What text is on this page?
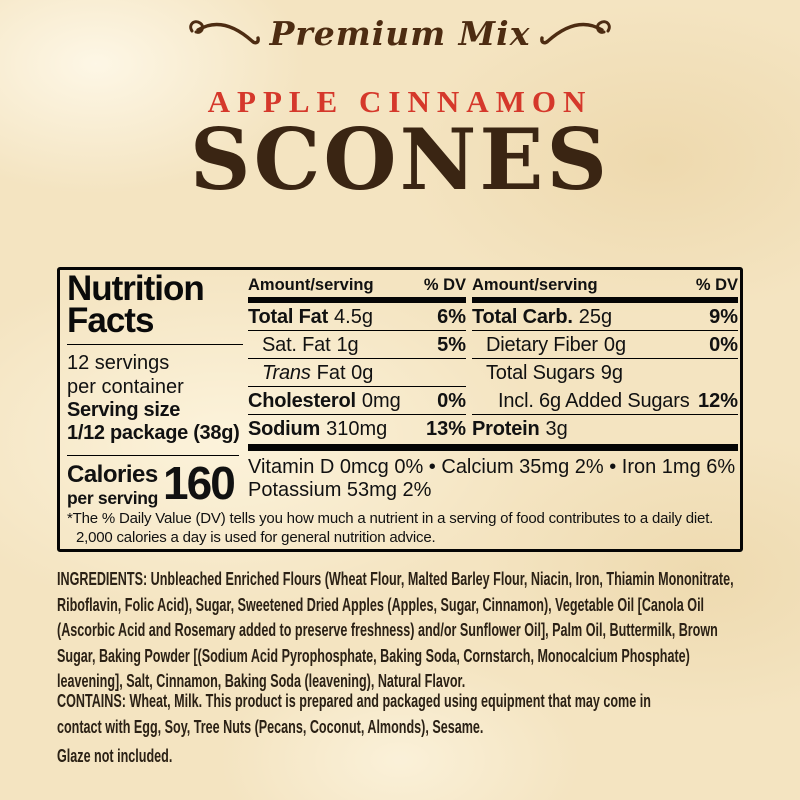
Premium Mix
APPLE CINNAMON
SCONES
Nutrition
Facts
12 servings
per container
Serving size
1/12 package (38g)
Amount/serving	% DV
Total Fat 4.5g	6%
Sat. Fat 1g	5%
Trans Fat 0g
Cholesterol 0mg 0%
Sodium 310mg 13%
Amount/serving	% DV
Total Carb. 25g	9%
Dietary Fiber 0g	0%
Total Sugars 9g
Incl. 6g Added Sugars 12%
Protein 3g
Calories
per serving 160 Vitamin D 0mcg 0% • Calcium 35mg 2% • Iron 1mg 6%
Potassium 53mg 2%
*The % Daily Value (DV) tells you how much a nutrient in a serving of food contributes to a daily diet.
2,000 calories a day is used for general nutrition advice.
INGREDIENTS: Unbleached Enriched Flours (Wheat Flour, Malted Barley Flour, Niacin, Iron, Thiamin Mononitrate,
Riboflavin, Folic Acid), Sugar, Sweetened Dried Apples (Apples, Sugar, Cinnamon), Vegetable Oil [Canola Oil
(Ascorbic Acid and Rosemary added to preserve freshness) and/or Sunflower Oil], Palm Oil, Buttermilk, Brown
Sugar, Baking Powder [(Sodium Acid Pyrophosphate, Baking Soda, Cornstarch, Monocalcium Phosphate)
leavening], Salt, Cinnamon, Baking Soda (leavening), Natural Flavor.
CONTAINS: Wheat, Milk. This product is prepared and packaged using equipment that may come in
contact with Egg, Soy, Tree Nuts (Pecans, Coconut, Almonds), Sesame.
Glaze not included.
